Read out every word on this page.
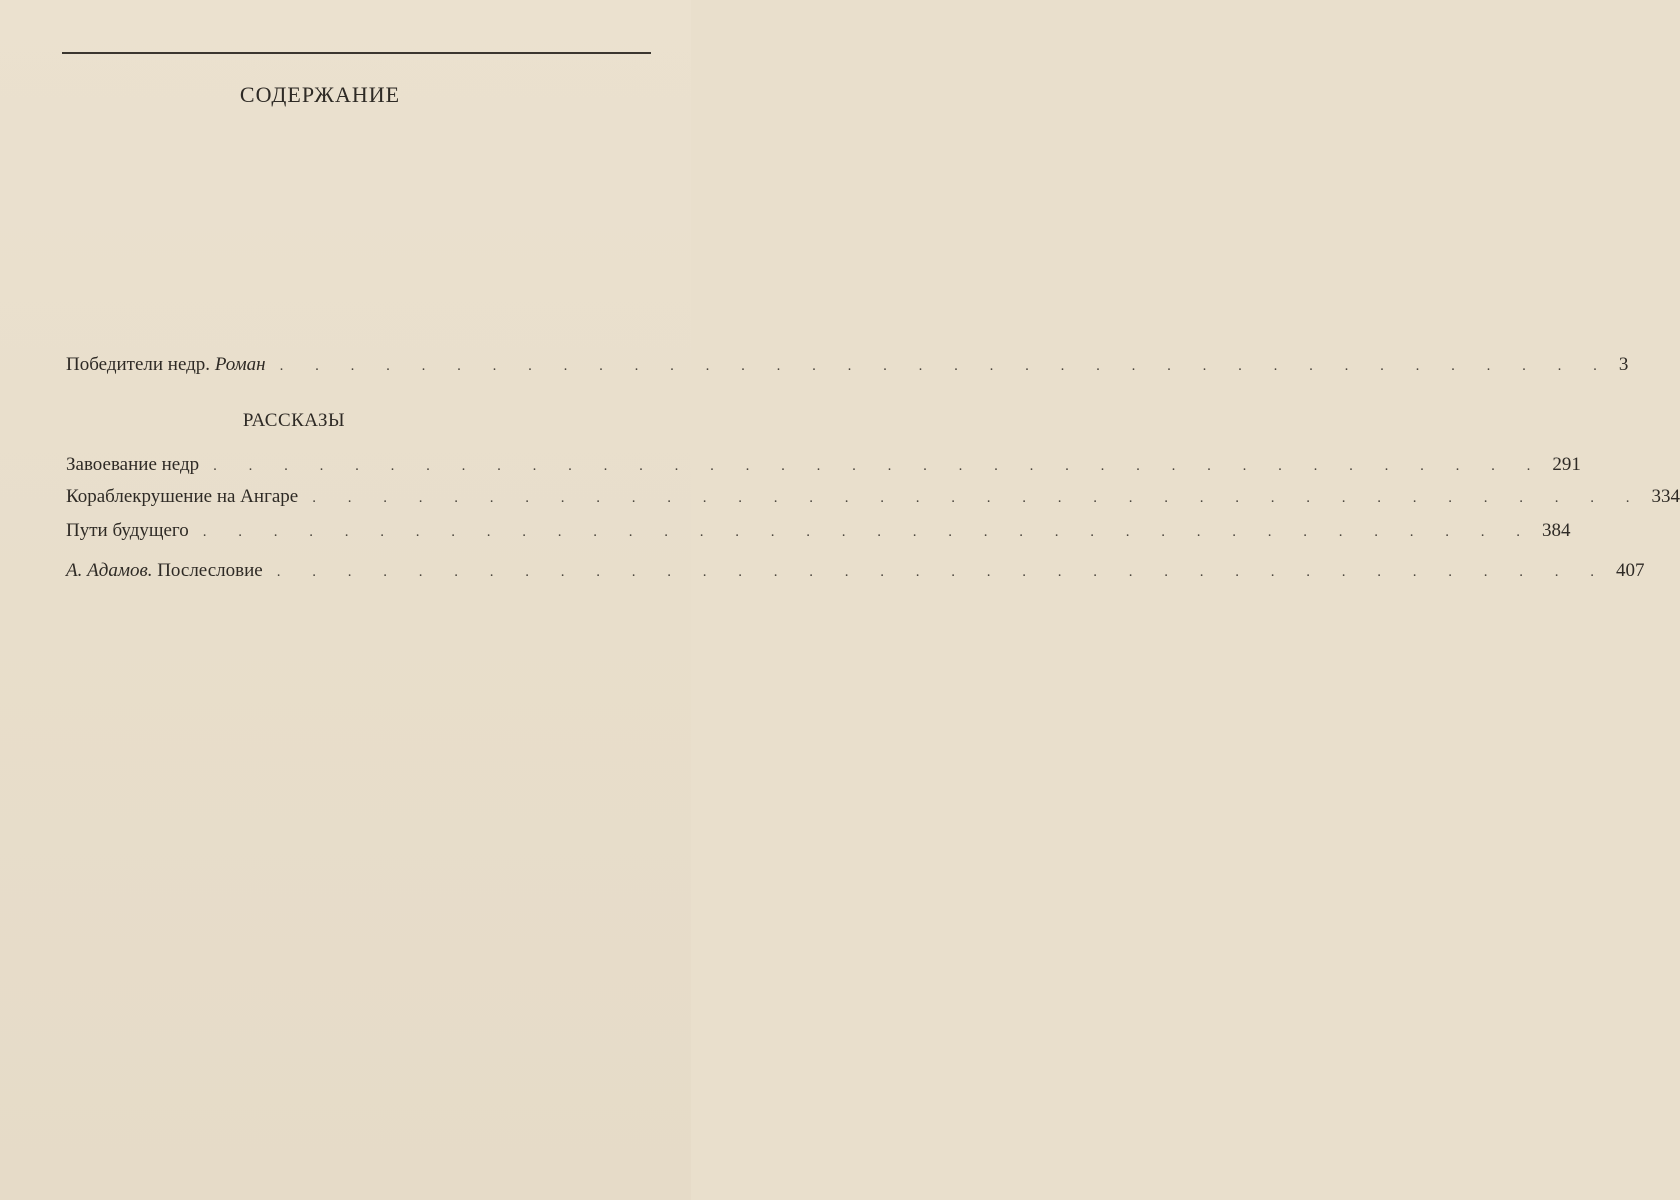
СОДЕРЖАНИЕ
Победители недр. Роман . . . . . . . . . . . . . . . . . . . . . . . . . . . . . . . . . . . . . . 3
РАССКАЗЫ
Завоевание недр . . . . . . . . . . . . . . . . . . . . . . . . . . . . . . . . . . . . . . 291
Кораблекрушение на Ангаре . . . . . . . . . . . . . . . . . . . . . . . . . . . . . . . . . . . . . . 334
Пути будущего . . . . . . . . . . . . . . . . . . . . . . . . . . . . . . . . . . . . . . 384
А. Адамов. Послесловие . . . . . . . . . . . . . . . . . . . . . . . . . . . . . . . . . . . . . . 407
